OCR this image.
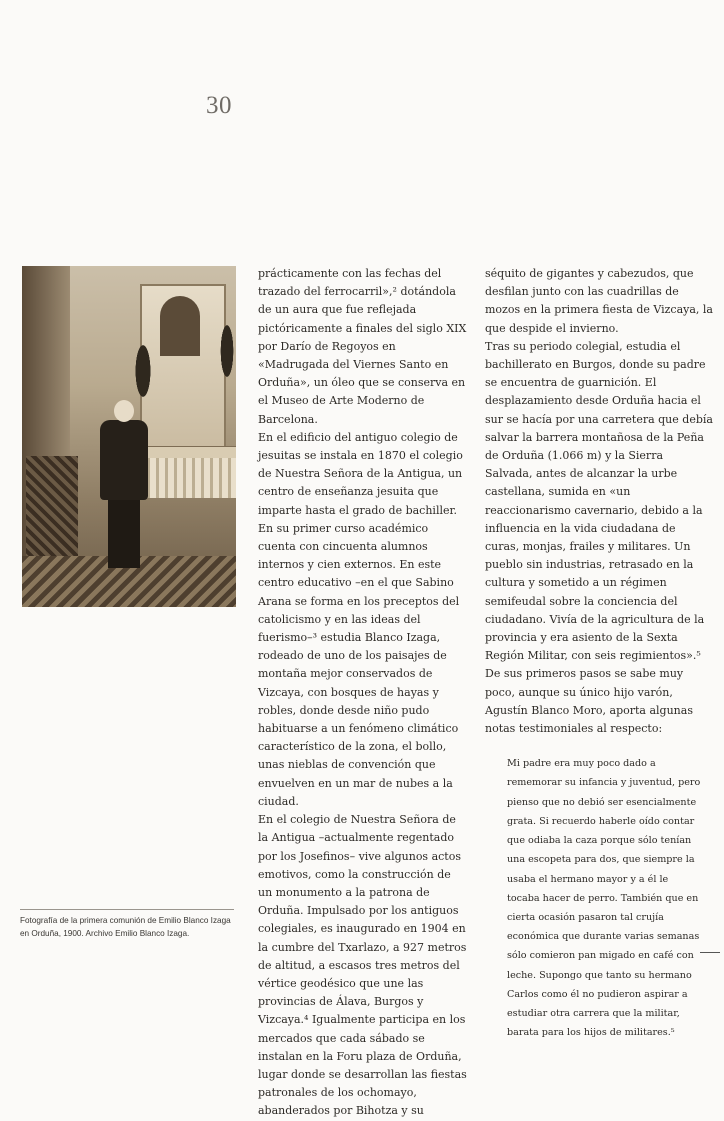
30
Fotografía de la primera comunión de Emilio Blanco Izaga en Orduña, 1900. Archivo Emilio Blanco Izaga.

prácticamente con las fechas del trazado del ferrocarril»,² dotándola de un aura que fue reflejada pictóricamente a finales del siglo XIX por Darío de Regoyos en «Madrugada del Viernes Santo en Orduña», un óleo que se conserva en el Museo de Arte Moderno de Barcelona.

En el edificio del antiguo colegio de jesuitas se instala en 1870 el colegio de Nuestra Señora de la Antigua, un centro de enseñanza jesuita que imparte hasta el grado de bachiller. En su primer curso académico cuenta con cincuenta alumnos internos y cien externos. En este centro educativo –en el que Sabino Arana se forma en los preceptos del catolicismo y en las ideas del fuerismo–³ estudia Blanco Izaga, rodeado de uno de los paisajes de montaña mejor conservados de Vizcaya, con bosques de hayas y robles, donde desde niño pudo habituarse a un fenómeno climático característico de la zona, el bollo, unas nieblas de convención que envuelven en un mar de nubes a la ciudad.

En el colegio de Nuestra Señora de la Antigua –actualmente regentado por los Josefinos– vive algunos actos emotivos, como la construcción de un monumento a la patrona de Orduña. Impulsado por los antiguos colegiales, es inaugurado en 1904 en la cumbre del Txarlazo, a 927 metros de altitud, a escasos tres metros del vértice geodésico que une las provincias de Álava, Burgos y Vizcaya.⁴ Igualmente participa en los mercados que cada sábado se instalan en la Foru plaza de Orduña, lugar donde se desarrollan las fiestas patronales de los ochomayo, abanderados por Bihotza y su

séquito de gigantes y cabezudos, que desfilan junto con las cuadrillas de mozos en la primera fiesta de Vizcaya, la que despide el invierno.

Tras su periodo colegial, estudia el bachillerato en Burgos, donde su padre se encuentra de guarnición. El desplazamiento desde Orduña hacia el sur se hacía por una carretera que debía salvar la barrera montañosa de la Peña de Orduña (1.066 m) y la Sierra Salvada, antes de alcanzar la urbe castellana, sumida en «un reaccionarismo cavernario, debido a la influencia en la vida ciudadana de curas, monjas, frailes y militares. Un pueblo sin industrias, retrasado en la cultura y sometido a un régimen semifeudal sobre la conciencia del ciudadano. Vivía de la agricultura de la provincia y era asiento de la Sexta Región Militar, con seis regimientos».⁵

De sus primeros pasos se sabe muy poco, aunque su único hijo varón, Agustín Blanco Moro, aporta algunas notas testimoniales al respecto:

Mi padre era muy poco dado a rememorar su infancia y juventud, pero pienso que no debió ser esencialmente grata. Si recuerdo haberle oído contar que odiaba la caza porque sólo tenían una escopeta para dos, que siempre la usaba el hermano mayor y a él le tocaba hacer de perro. También que en cierta ocasión pasaron tal crujía económica que durante varias semanas sólo comieron pan migado en café con leche. Supongo que tanto su hermano Carlos como él no pudieron aspirar a estudiar otra carrera que la militar, barata para los hijos de militares.⁵
